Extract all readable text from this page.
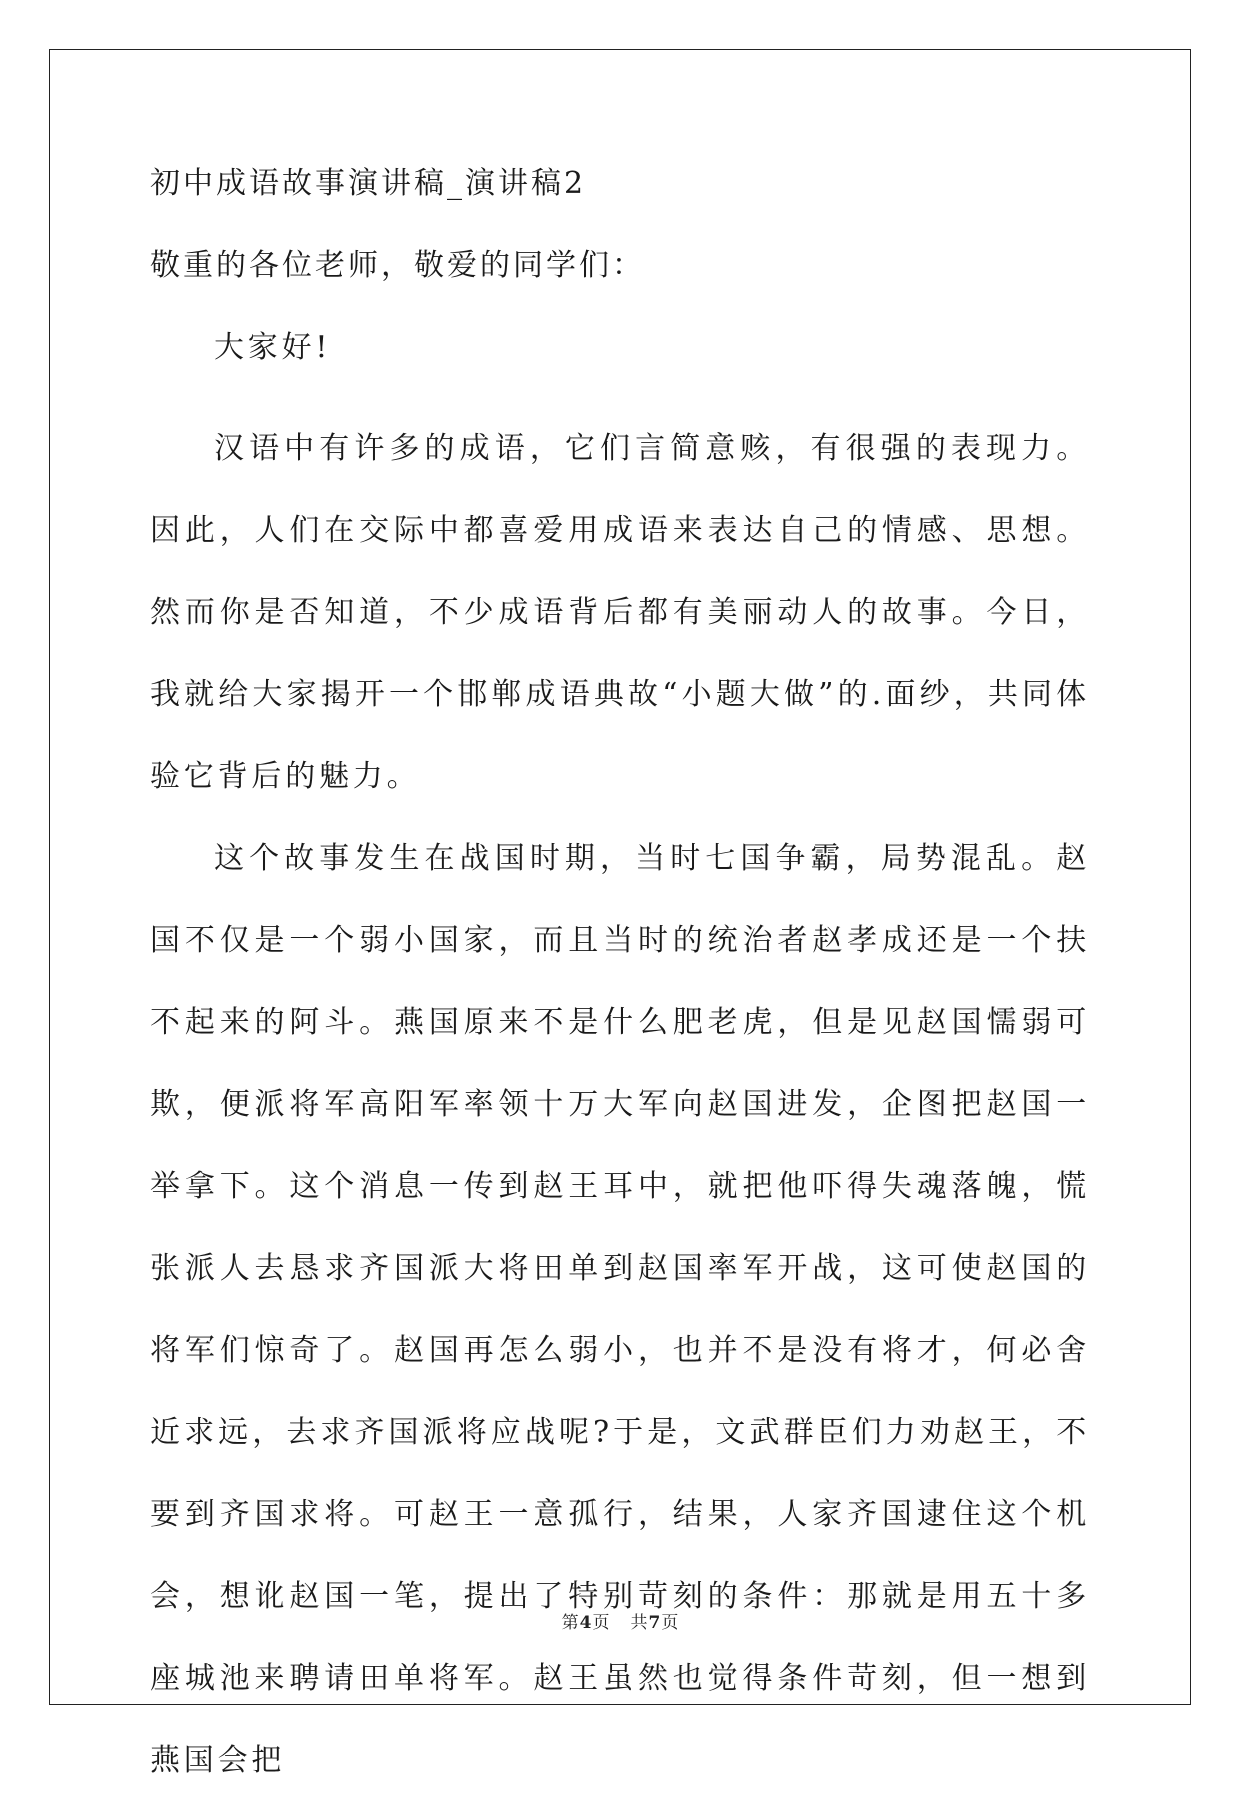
初中成语故事演讲稿_演讲稿2
敬重的各位老师，敬爱的同学们：

大家好!

汉语中有许多的成语，它们言简意赅，有很强的表现力。因此，人们在交际中都喜爱用成语来表达自己的情感、思想。然而你是否知道，不少成语背后都有美丽动人的故事。今日，我就给大家揭开一个邯郸成语典故“小题大做”的.面纱，共同体验它背后的魅力。

这个故事发生在战国时期，当时七国争霸，局势混乱。赵国不仅是一个弱小国家，而且当时的统治者赵孝成还是一个扶不起来的阿斗。燕国原来不是什么肥老虎，但是见赵国懦弱可欺，便派将军高阳军率领十万大军向赵国进发，企图把赵国一举拿下。这个消息一传到赵王耳中，就把他吓得失魂落魄，慌张派人去恳求齐国派大将田单到赵国率军开战，这可使赵国的将军们惊奇了。赵国再怎么弱小，也并不是没有将才，何必舍近求远，去求齐国派将应战呢?于是，文武群臣们力劝赵王，不要到齐国求将。可赵王一意孤行，结果，人家齐国逮住这个机会，想讹赵国一笔，提出了特别苛刻的条件：那就是用五十多座城池来聘请田单将军。赵王虽然也觉得条件苛刻，但一想到燕国会把

第4页 共7页
